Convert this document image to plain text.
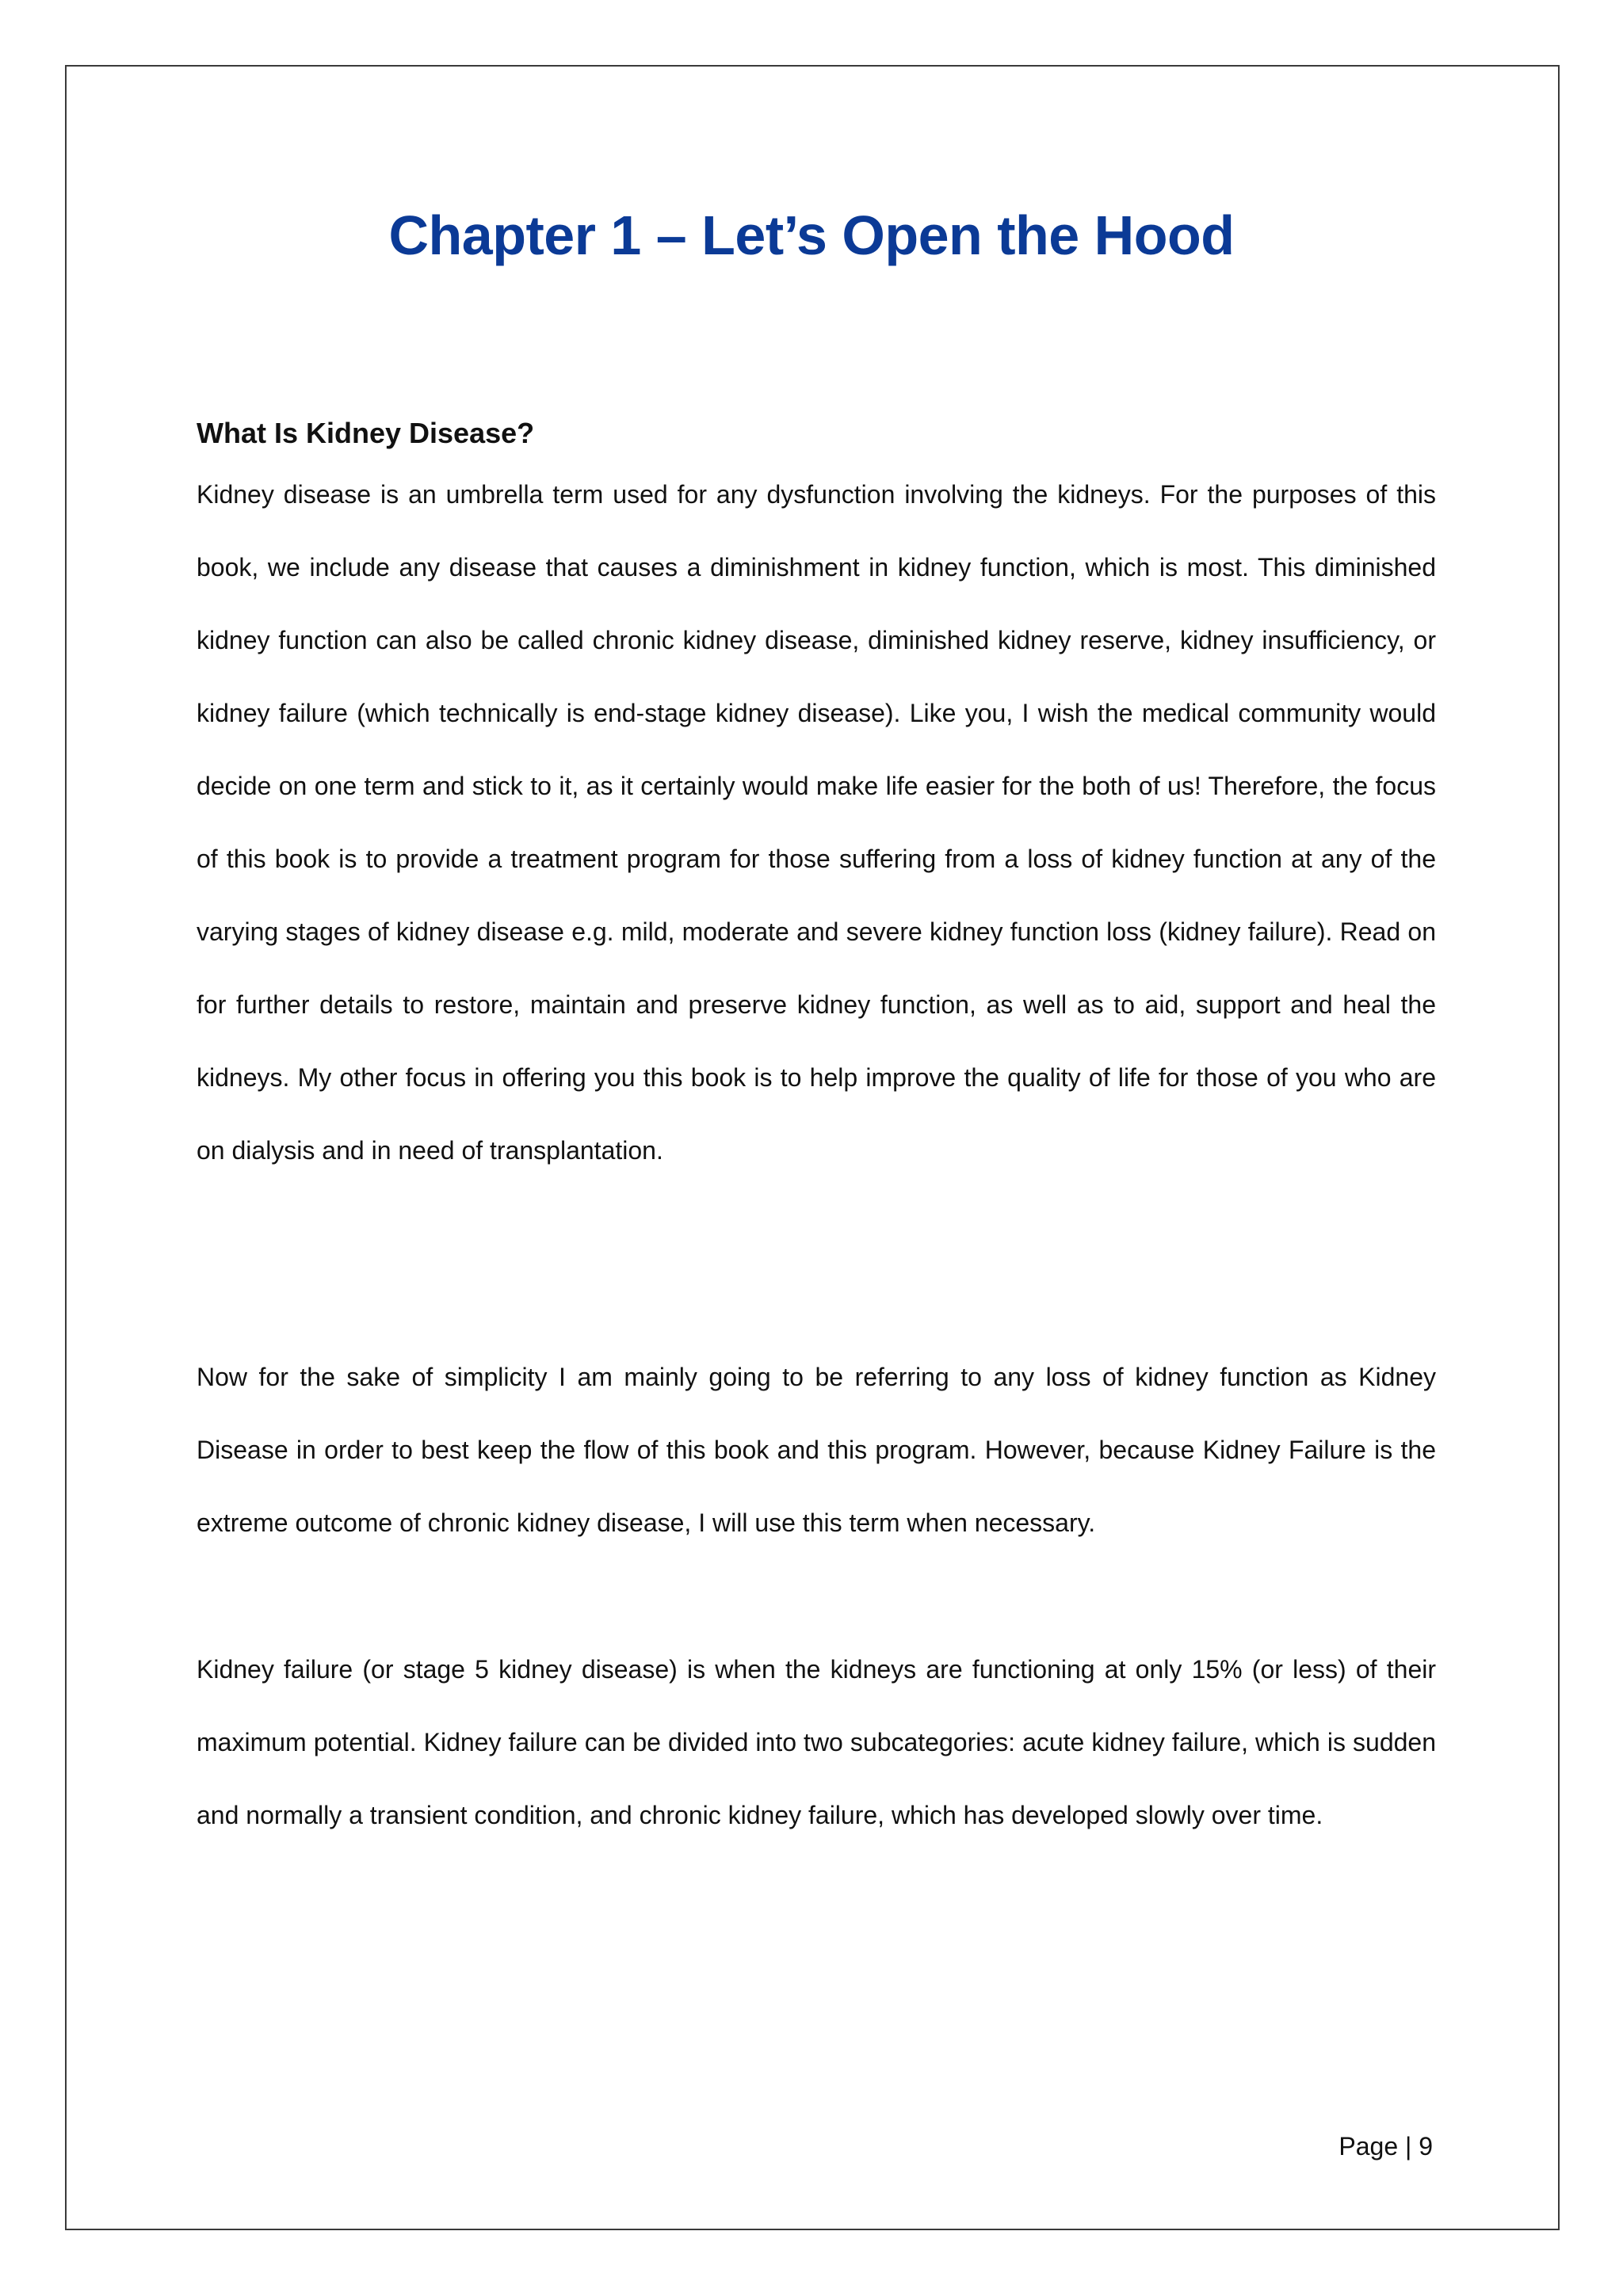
Chapter 1 – Let’s Open the Hood
What Is Kidney Disease?

Kidney disease is an umbrella term used for any dysfunction involving the kidneys. For the purposes of this book, we include any disease that causes a diminishment in kidney function, which is most. This diminished kidney function can also be called chronic kidney disease, diminished kidney reserve, kidney insufficiency, or kidney failure (which technically is end-stage kidney disease). Like you, I wish the medical community would decide on one term and stick to it, as it certainly would make life easier for the both of us! Therefore, the focus of this book is to provide a treatment program for those suffering from a loss of kidney function at any of the varying stages of kidney disease e.g. mild, moderate and severe kidney function loss (kidney failure). Read on for further details to restore, maintain and preserve kidney function, as well as to aid, support and heal the kidneys. My other focus in offering you this book is to help improve the quality of life for those of you who are on dialysis and in need of transplantation.

Now for the sake of simplicity I am mainly going to be referring to any loss of kidney function as Kidney Disease in order to best keep the flow of this book and this program. However, because Kidney Failure is the extreme outcome of chronic kidney disease, I will use this term when necessary.

Kidney failure (or stage 5 kidney disease) is when the kidneys are functioning at only 15% (or less) of their maximum potential. Kidney failure can be divided into two subcategories: acute kidney failure, which is sudden and normally a transient condition, and chronic kidney failure, which has developed slowly over time.

Page | 9
